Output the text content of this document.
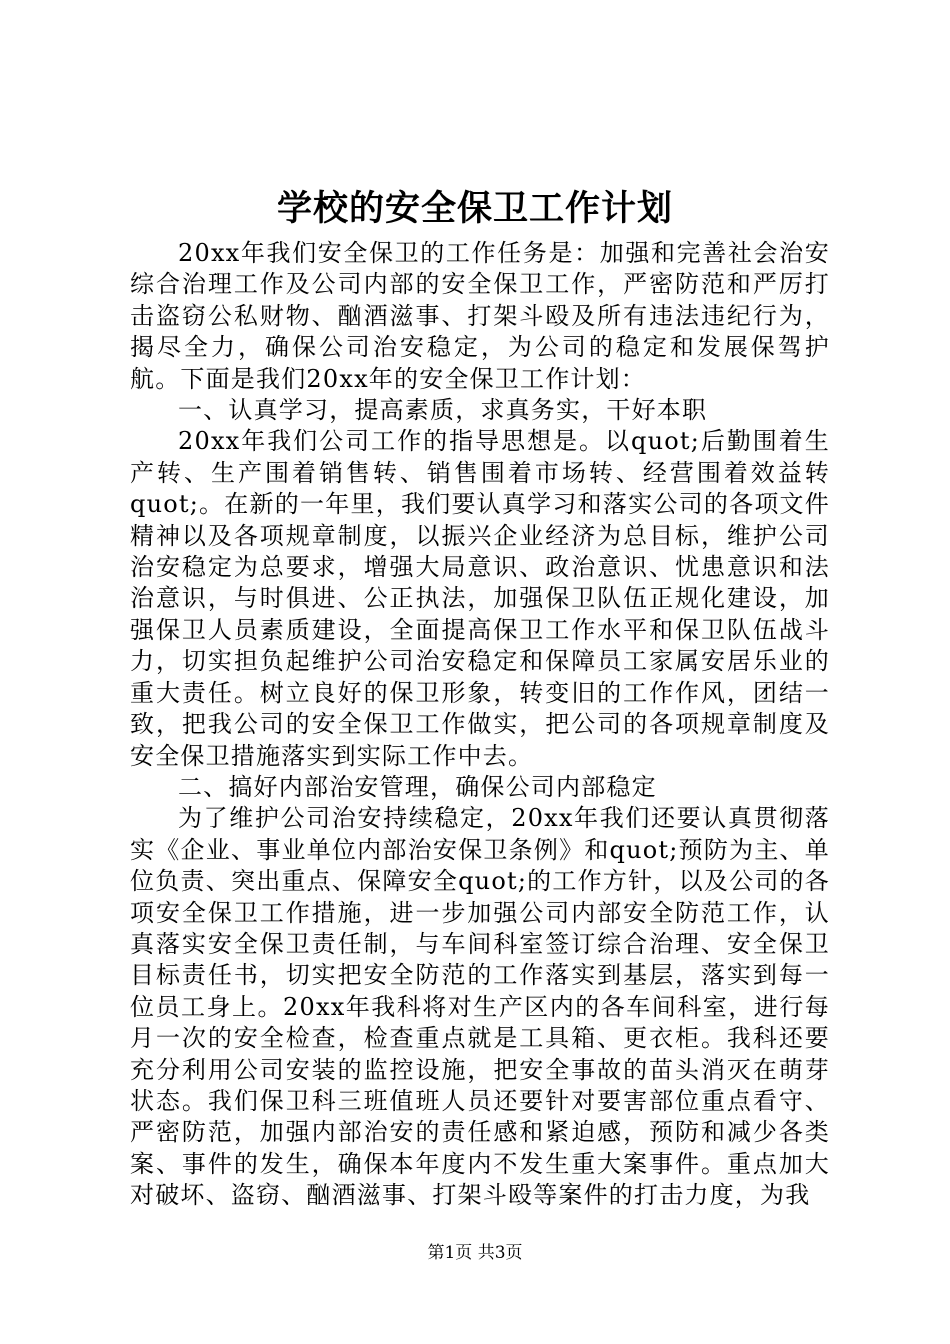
学校的安全保卫工作计划

20xx年我们安全保卫的工作任务是：加强和完善社会治安综合治理工作及公司内部的安全保卫工作，严密防范和严厉打击盗窃公私财物、酗酒滋事、打架斗殴及所有违法违纪行为，揭尽全力，确保公司治安稳定，为公司的稳定和发展保驾护航。下面是我们20xx年的安全保卫工作计划：

一、认真学习，提高素质，求真务实，干好本职

20xx年我们公司工作的指导思想是。以quot;后勤围着生产转、生产围着销售转、销售围着市场转、经营围着效益转quot;。在新的一年里，我们要认真学习和落实公司的各项文件精神以及各项规章制度，以振兴企业经济为总目标，维护公司治安稳定为总要求，增强大局意识、政治意识、忧患意识和法治意识，与时俱进、公正执法，加强保卫队伍正规化建设，加强保卫人员素质建设，全面提高保卫工作水平和保卫队伍战斗力，切实担负起维护公司治安稳定和保障员工家属安居乐业的重大责任。树立良好的保卫形象，转变旧的工作作风，团结一致，把我公司的安全保卫工作做实，把公司的各项规章制度及安全保卫措施落实到实际工作中去。

二、搞好内部治安管理，确保公司内部稳定

为了维护公司治安持续稳定，20xx年我们还要认真贯彻落实《企业、事业单位内部治安保卫条例》和quot;预防为主、单位负责、突出重点、保障安全quot;的工作方针，以及公司的各项安全保卫工作措施，进一步加强公司内部安全防范工作，认真落实安全保卫责任制，与车间科室签订综合治理、安全保卫目标责任书，切实把安全防范的工作落实到基层，落实到每一位员工身上。20xx年我科将对生产区内的各车间科室，进行每月一次的安全检查，检查重点就是工具箱、更衣柜。我科还要充分利用公司安装的监控设施，把安全事故的苗头消灭在萌芽状态。我们保卫科三班值班人员还要针对要害部位重点看守、严密防范，加强内部治安的责任感和紧迫感，预防和减少各类案、事件的发生，确保本年度内不发生重大案事件。重点加大对破坏、盗窃、酗酒滋事、打架斗殴等案件的打击力度，为我

第1页 共3页
